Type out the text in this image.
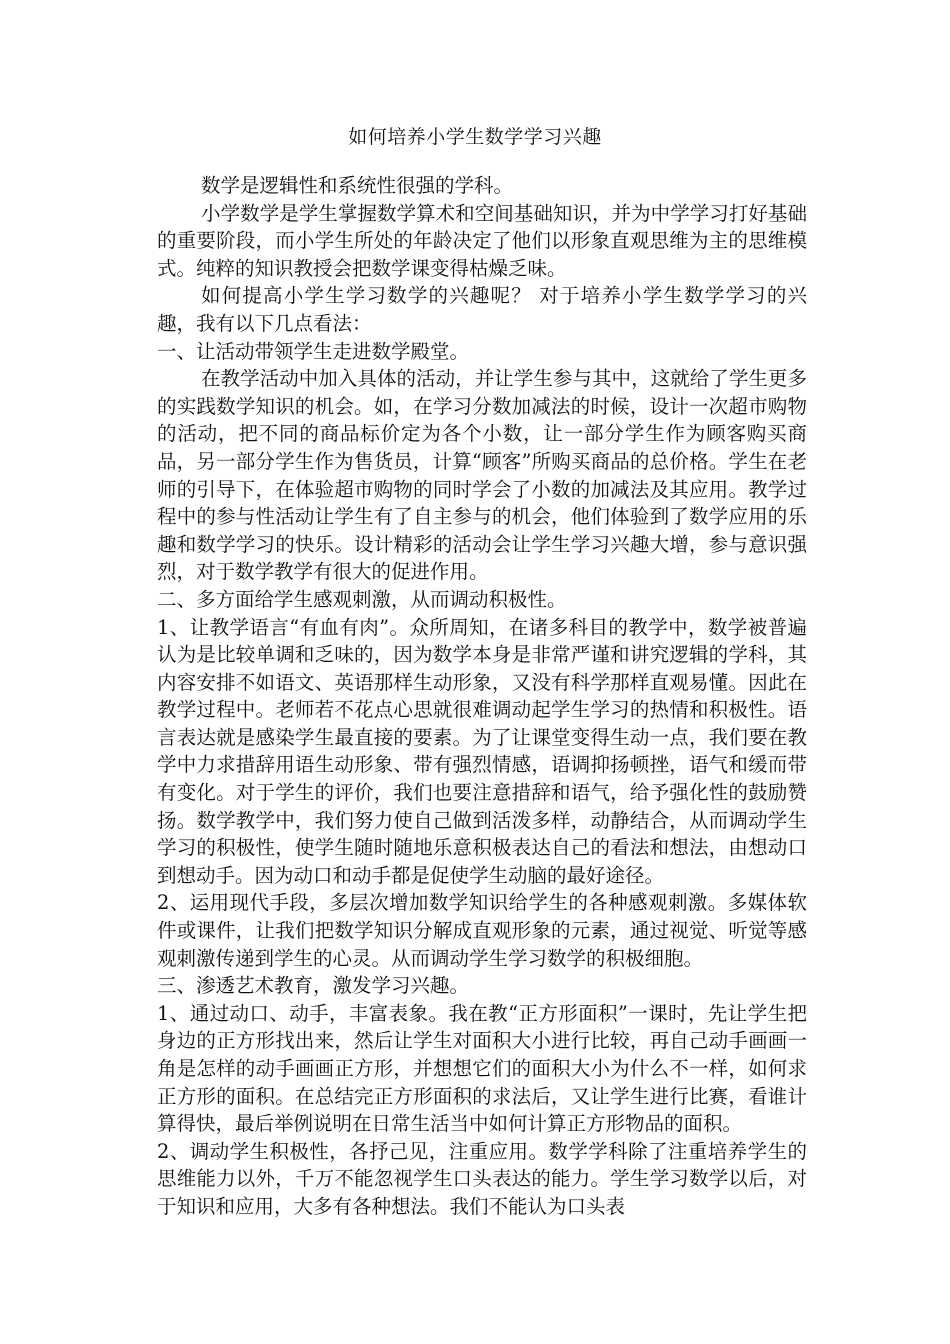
如何培养小学生数学学习兴趣

数学是逻辑性和系统性很强的学科。

小学数学是学生掌握数学算术和空间基础知识，并为中学学习打好基础的重要阶段，而小学生所处的年龄决定了他们以形象直观思维为主的思维模式。纯粹的知识教授会把数学课变得枯燥乏味。

如何提高小学生学习数学的兴趣呢？ 对于培养小学生数学学习的兴趣，我有以下几点看法：

一、让活动带领学生走进数学殿堂。

在教学活动中加入具体的活动，并让学生参与其中，这就给了学生更多的实践数学知识的机会。如，在学习分数加减法的时候，设计一次超市购物的活动，把不同的商品标价定为各个小数，让一部分学生作为顾客购买商品，另一部分学生作为售货员，计算“顾客”所购买商品的总价格。学生在老师的引导下，在体验超市购物的同时学会了小数的加减法及其应用。教学过程中的参与性活动让学生有了自主参与的机会，他们体验到了数学应用的乐趣和数学学习的快乐。设计精彩的活动会让学生学习兴趣大增，参与意识强烈，对于数学教学有很大的促进作用。

二、多方面给学生感观刺激，从而调动积极性。

1、让教学语言“有血有肉”。众所周知，在诸多科目的教学中，数学被普遍认为是比较单调和乏味的，因为数学本身是非常严谨和讲究逻辑的学科，其内容安排不如语文、英语那样生动形象，又没有科学那样直观易懂。因此在教学过程中。老师若不花点心思就很难调动起学生学习的热情和积极性。语言表达就是感染学生最直接的要素。为了让课堂变得生动一点，我们要在教学中力求措辞用语生动形象、带有强烈情感，语调抑扬顿挫，语气和缓而带有变化。对于学生的评价，我们也要注意措辞和语气，给予强化性的鼓励赞扬。数学教学中，我们努力使自己做到活泼多样，动静结合，从而调动学生学习的积极性，使学生随时随地乐意积极表达自己的看法和想法，由想动口到想动手。因为动口和动手都是促使学生动脑的最好途径。

2、运用现代手段，多层次增加数学知识给学生的各种感观刺激。多媒体软件或课件，让我们把数学知识分解成直观形象的元素，通过视觉、听觉等感观刺激传递到学生的心灵。从而调动学生学习数学的积极细胞。

三、渗透艺术教育，激发学习兴趣。

1、通过动口、动手，丰富表象。我在教“正方形面积”一课时，先让学生把身边的正方形找出来，然后让学生对面积大小进行比较，再自己动手画画一角是怎样的动手画画正方形，并想想它们的面积大小为什么不一样，如何求正方形的面积。在总结完正方形面积的求法后，又让学生进行比赛，看谁计算得快，最后举例说明在日常生活当中如何计算正方形物品的面积。

2、调动学生积极性，各抒己见，注重应用。数学学科除了注重培养学生的思维能力以外，千万不能忽视学生口头表达的能力。学生学习数学以后，对于知识和应用，大多有各种想法。我们不能认为口头表
